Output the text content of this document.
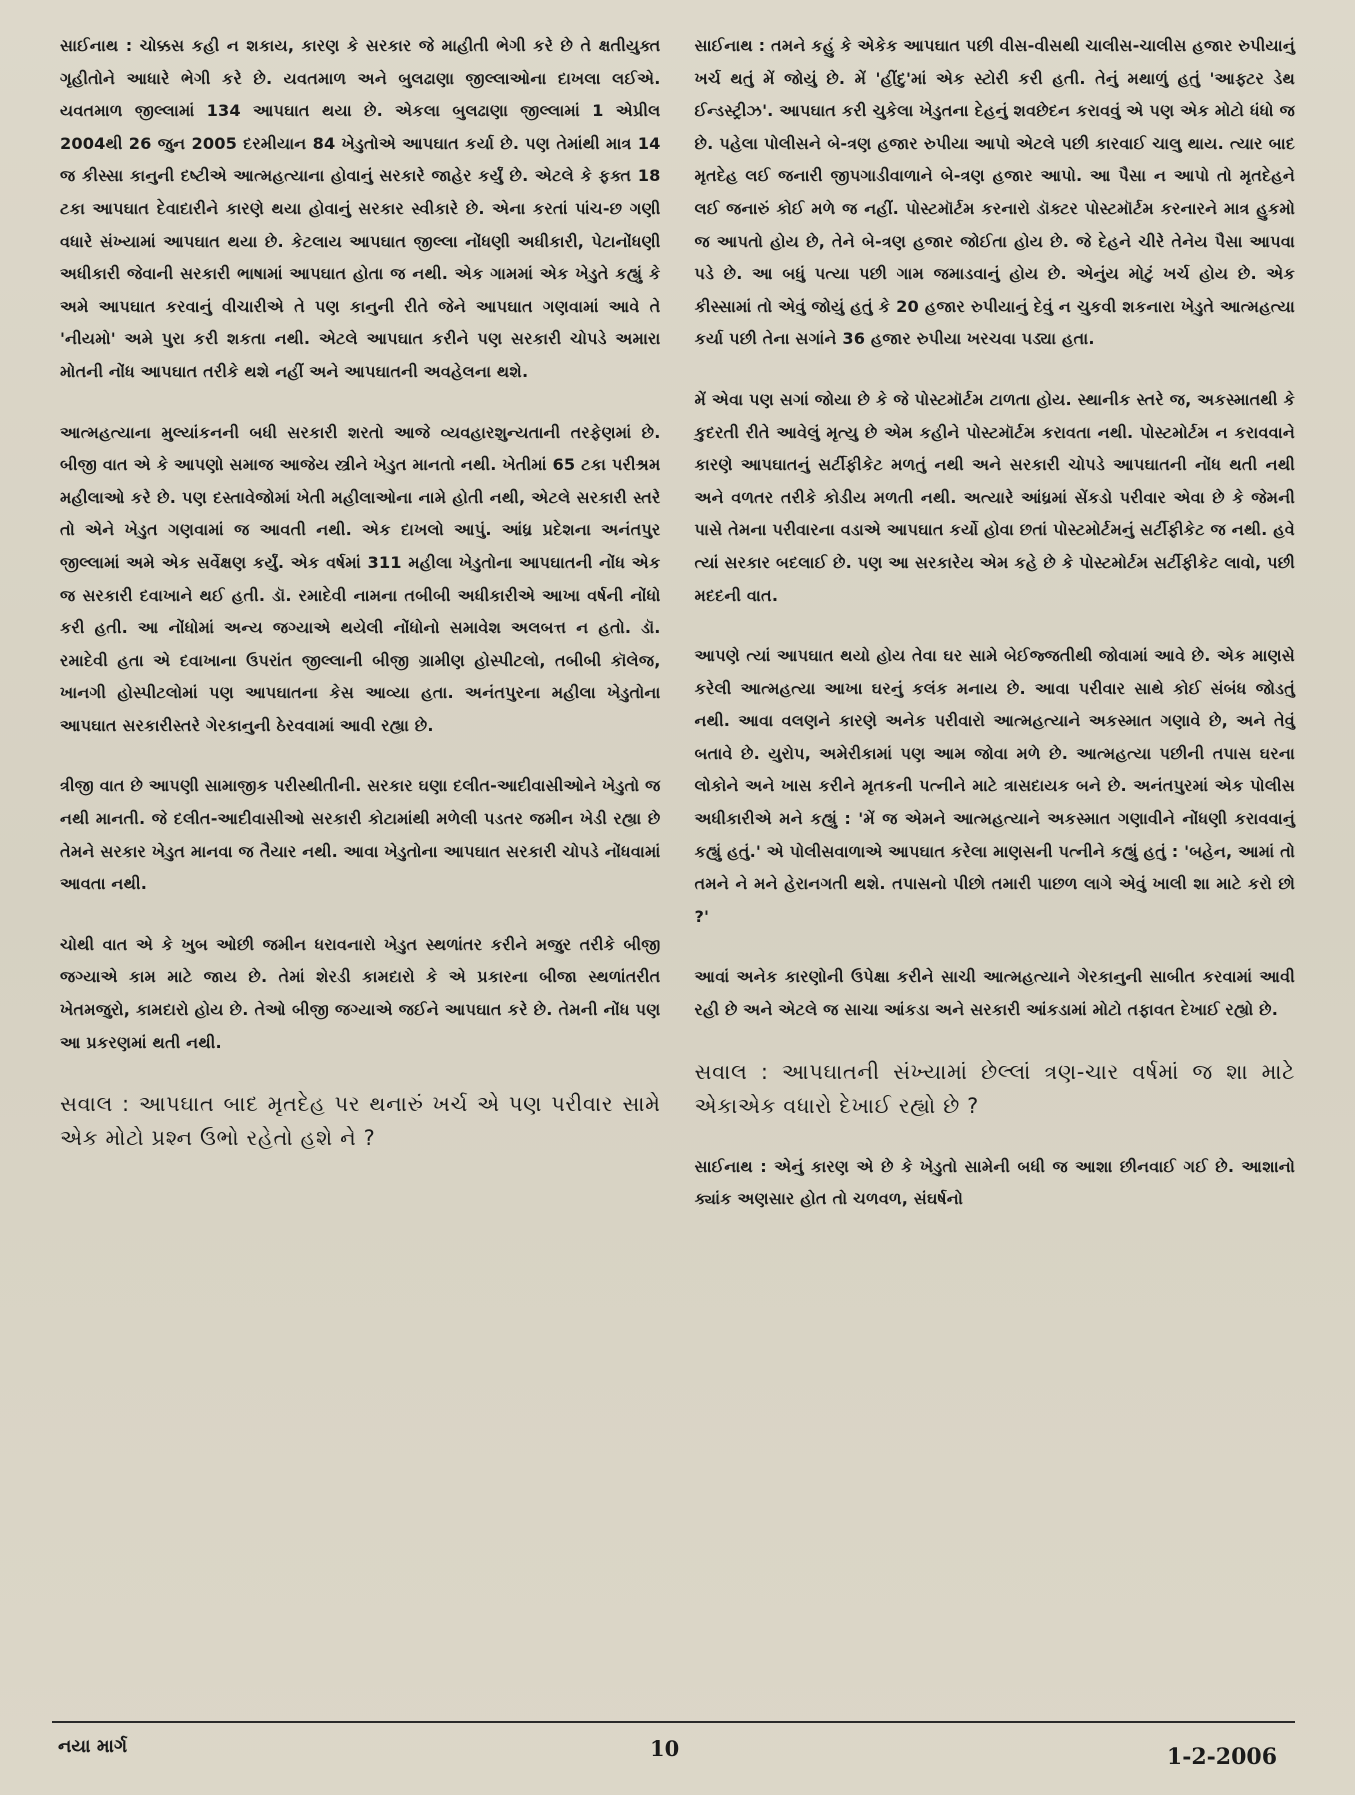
સાઈનાથ : ચોક્કસ કહી ન શકાય, કારણ કે સરકાર જે માહીતી ભેગી કરે છે તે ક્ષતીયુક્ત ગૃહીતોને આધારે ભેગી કરે છે. યવતમાળ અને બુલઢાણા જીલ્લાઓના દાખલા લઈએ. યવતમાળ જીલ્લામાં 134 આપઘાત થયા છે. એકલા બુલઢાણા જીલ્લામાં 1 એપ્રીલ 2004થી 26 જુન 2005 દરમીયાન 84 ખેડુતોએ આપઘાત કર્યા છે. પણ તેમાંથી માત્ર 14 જ કીસ્સા કાનુની દષ્ટીએ આત્મહત્યાના હોવાનું સરકારે જાહેર કર્યું છે. એટલે કે ફક્ત 18 ટકા આપઘાત દેવાદારીને કારણે થયા હોવાનું સરકાર સ્વીકારે છે. એના કરતાં પાંચ-છ ગણી વધારે સંખ્યામાં આપઘાત થયા છે. કેટલાય આપઘાત જીલ્લા નોંધણી અધીકારી, પેટાનોંધણી અધીકારી જેવાની સરકારી ભાષામાં આપઘાત હોતા જ નથી. એક ગામમાં એક ખેડુતે કહ્યું કે અમે આપઘાત કરવાનું વીચારીએ તે પણ કાનુની રીતે જેને આપઘાત ગણવામાં આવે તે 'નીયમો' અમે પુરા કરી શકતા નથી. એટલે આપઘાત કરીને પણ સરકારી ચોપડે અમારા મોતની નોંધ આપઘાત તરીકે થશે નહીં અને આપઘાતની અવહેલના થશે.

આત્મહત્યાના મુલ્યાંકનની બધી સરકારી શરતો આજે વ્યવહારશુન્યતાની તરફેણમાં છે. બીજી વાત એ કે આપણો સમાજ આજેય સ્ત્રીને ખેડુત માનતો નથી. ખેતીમાં 65 ટકા પરીશ્રમ મહીલાઓ કરે છે. પણ દસ્તાવેજોમાં ખેતી મહીલાઓના નામે હોતી નથી, એટલે સરકારી સ્તરે તો એને ખેડુત ગણવામાં જ આવતી નથી. એક દાખલો આપું. આંધ્ર પ્રદેશના અનંતપુર જીલ્લામાં અમે એક સર્વેક્ષણ કર્યું. એક વર્ષમાં 311 મહીલા ખેડુતોના આપઘાતની નોંધ એક જ સરકારી દવાખાને થઈ હતી. ડૉ. રમાદેવી નામના તબીબી અધીકારીએ આખા વર્ષની નોંધો કરી હતી. આ નોંધોમાં અન્ય જગ્યાએ થયેલી નોંધોનો સમાવેશ અલબત્ત ન હતો. ડૉ. રમાદેવી હતા એ દવાખાના ઉપરાંત જીલ્લાની બીજી ગ્રામીણ હોસ્પીટલો, તબીબી કૉલેજ, ખાનગી હોસ્પીટલોમાં પણ આપઘાતના કેસ આવ્યા હતા. અનંતપુરના મહીલા ખેડુતોના આપઘાત સરકારીસ્તરે ગેરકાનુની ઠેરવવામાં આવી રહ્યા છે.

ત્રીજી વાત છે આપણી સામાજીક પરીસ્થીતીની. સરકાર ઘણા દલીત-આદીવાસીઓને ખેડુતો જ નથી માનતી. જે દલીત-આદીવાસીઓ સરકારી કોટામાંથી મળેલી પડતર જમીન ખેડી રહ્યા છે તેમને સરકાર ખેડુત માનવા જ તૈયાર નથી. આવા ખેડુતોના આપઘાત સરકારી ચોપડે નોંધવામાં આવતા નથી.

ચોથી વાત એ કે ખુબ ઓછી જમીન ધરાવનારો ખેડુત સ્થળાંતર કરીને મજુર તરીકે બીજી જગ્યાએ કામ માટે જાય છે. તેમાં શેરડી કામદારો કે એ પ્રકારના બીજા સ્થળાંતરીત ખેતમજુરો, કામદારો હોય છે. તેઓ બીજી જગ્યાએ જઈને આપઘાત કરે છે. તેમની નોંધ પણ આ પ્રકરણમાં થતી નથી.

સવાલ : આપઘાત બાદ મૃતદેહ પર થનારું ખર્ચ એ પણ પરીવાર સામે એક મોટો પ્રશ્ન ઉભો રહેતો હશે ને ?

સાઈનાથ : તમને કહું કે એકેક આપઘાત પછી વીસ-વીસથી ચાલીસ-ચાલીસ હજાર રુપીયાનું ખર્ચ થતું મેં જોયું છે. મેં 'હીંદુ'માં એક સ્ટોરી કરી હતી. તેનું મથાળું હતું 'આફ્ટર ડેથ ઈન્ડસ્ટ્રીઝ'. આપઘાત કરી ચુકેલા ખેડુતના દેહનું શવછેદન કરાવવું એ પણ એક મોટો ધંધો જ છે. પહેલા પોલીસને બે-ત્રણ હજાર રુપીયા આપો એટલે પછી કારવાઈ ચાલુ થાય. ત્યાર બાદ મૃતદેહ લઈ જનારી જીપગાડીવાળાને બે-ત્રણ હજાર આપો. આ પૈસા ન આપો તો મૃતદેહને લઈ જનારું કોઈ મળે જ નહીં. પોસ્ટમૉર્ટમ કરનારો ડૉક્ટર પોસ્ટમૉર્ટમ કરનારને માત્ર હુકમો જ આપતો હોય છે, તેને બે-ત્રણ હજાર જોઈતા હોય છે. જે દેહને ચીરે તેનેય પૈસા આપવા પડે છે. આ બધું પત્યા પછી ગામ જમાડવાનું હોય છે. એનુંય મોટું ખર્ચ હોય છે. એક કીસ્સામાં તો એવું જોયું હતું કે 20 હજાર રુપીયાનું દેવું ન ચુકવી શકનારા ખેડુતે આત્મહત્યા કર્યા પછી તેના સગાંને 36 હજાર રુપીયા ખરચવા પડ્યા હતા.

મેં એવા પણ સગાં જોયા છે કે જે પોસ્ટમૉર્ટમ ટાળતા હોય. સ્થાનીક સ્તરે જ, અકસ્માતથી કે કુદરતી રીતે આવેલું મૃત્યુ છે એમ કહીને પોસ્ટમૉર્ટમ કરાવતા નથી. પોસ્ટમોર્ટમ ન કરાવવાને કારણે આપઘાતનું સર્ટીફીકેટ મળતું નથી અને સરકારી ચોપડે આપઘાતની નોંધ થતી નથી અને વળતર તરીકે કોડીય મળતી નથી. અત્યારે આંધ્રમાં સેંકડો પરીવાર એવા છે કે જેમની પાસે તેમના પરીવારના વડાએ આપઘાત કર્યો હોવા છતાં પોસ્ટમોર્ટમનું સર્ટીફીકેટ જ નથી. હવે ત્યાં સરકાર બદલાઈ છે. પણ આ સરકારેય એમ કહે છે કે પોસ્ટમોર્ટમ સર્ટીફીકેટ લાવો, પછી મદદની વાત.

આપણે ત્યાં આપઘાત થયો હોય તેવા ઘર સામે બેઈજ્જતીથી જોવામાં આવે છે. એક માણસે કરેલી આત્મહત્યા આખા ઘરનું કલંક મનાય છે. આવા પરીવાર સાથે કોઈ સંબંધ જોડતું નથી. આવા વલણને કારણે અનેક પરીવારો આત્મહત્યાને અકસ્માત ગણાવે છે, અને તેવું બતાવે છે. યુરોપ, અમેરીકામાં પણ આમ જોવા મળે છે. આત્મહત્યા પછીની તપાસ ઘરના લોકોને અને ખાસ કરીને મૃતકની પત્નીને માટે ત્રાસદાયક બને છે. અનંતપુરમાં એક પોલીસ અધીકારીએ મને કહ્યું : 'મેં જ એમને આત્મહત્યાને અકસ્માત ગણાવીને નોંધણી કરાવવાનું કહ્યું હતું.' એ પોલીસવાળાએ આપઘાત કરેલા માણસની પત્નીને કહ્યું હતું : 'બહેન, આમાં તો તમને ને મને હેરાનગતી થશે. તપાસનો પીછો તમારી પાછળ લાગે એવું ખાલી શા માટે કરો છો ?'

આવાં અનેક કારણોની ઉપેક્ષા કરીને સાચી આત્મહત્યાને ગેરકાનુની સાબીત કરવામાં આવી રહી છે અને એટલે જ સાચા આંકડા અને સરકારી આંકડામાં મોટો તફાવત દેખાઈ રહ્યો છે.

સવાલ : આપઘાતની સંખ્યામાં છેલ્લાં ત્રણ-ચાર વર્ષમાં જ શા માટે એકાએક વધારો દેખાઈ રહ્યો છે ?

સાઈનાથ : એનું કારણ એ છે કે ખેડુતો સામેની બધી જ આશા છીનવાઈ ગઈ છે. આશાનો ક્યાંક અણસાર હોત તો ચળવળ, સંઘર્ષનો

નયા માર્ગ	10	1-2-2006
